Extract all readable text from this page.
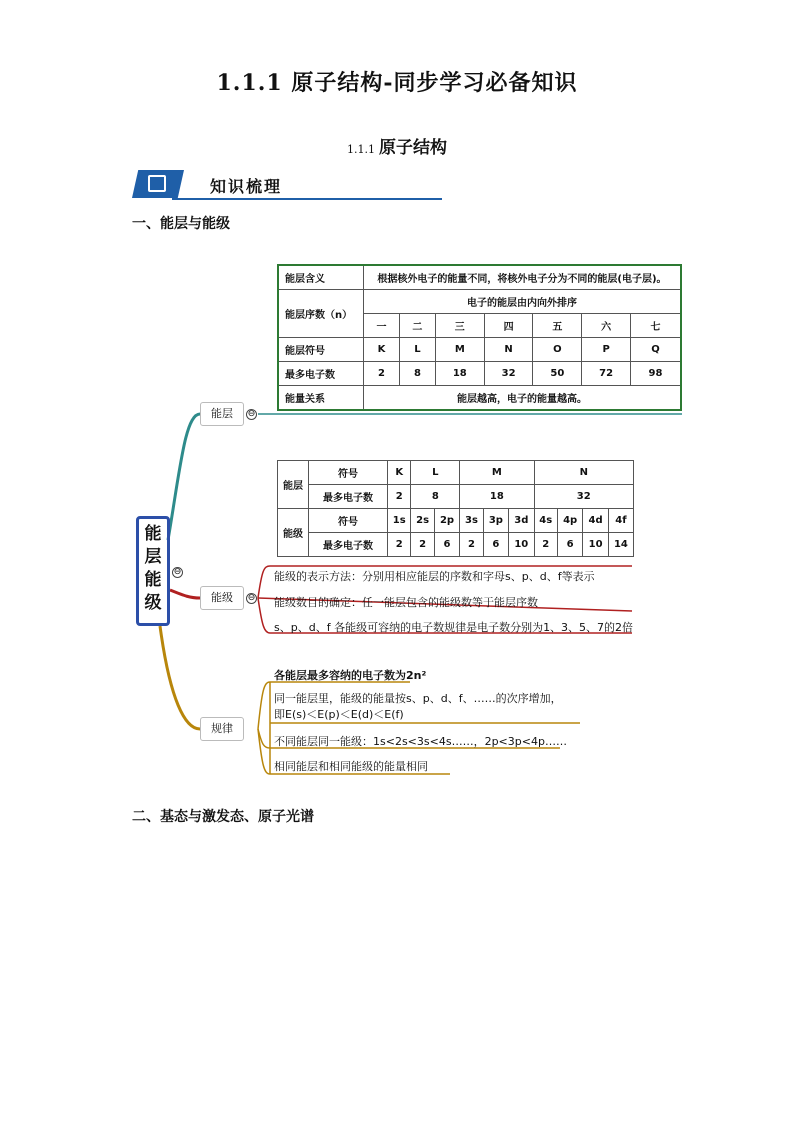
1.1.1 原子结构-同步学习必备知识
1.1.1 原子结构
知识梳理
一、能层与能级
二、基态与激发态、原子光谱
能层能级
⊖
能层	⊖
能级	⊖
规律
能级的表示方法：分别用相应能层的序数和字母s、p、d、f等表示
能级数目的确定：任一能层包含的能级数等于能层序数
s、p、d、f 各能级可容纳的电子数规律是电子数分别为1、3、5、7的2倍
各能层最多容纳的电子数为2n²
同一能层里，能级的能量按s、p、d、f、……的次序增加，
即E(s)＜E(p)＜E(d)＜E(f)
不同能层同一能级：1s<2s<3s<4s……，2p<3p<4p……
相同能层和相同能级的能量相同
能层含义	根据核外电子的能量不同，将核外电子分为不同的能层(电子层)。						
能层序数（n）	电子的能层由内向外排序						
	一	二	三	四	五	六	七
能层符号	K	L	M	N	O	P	Q
最多电子数	2	8	18	32	50	72	98
能量关系	能层越高，电子的能量越高。						
能层	符号	K	L		M			N			
	最多电子数	2	8		18			32			
能级	符号	1s	2s	2p	3s	3p	3d	4s	4p	4d	4f
	最多电子数	2	2	6	2	6	10	2	6	10	14
